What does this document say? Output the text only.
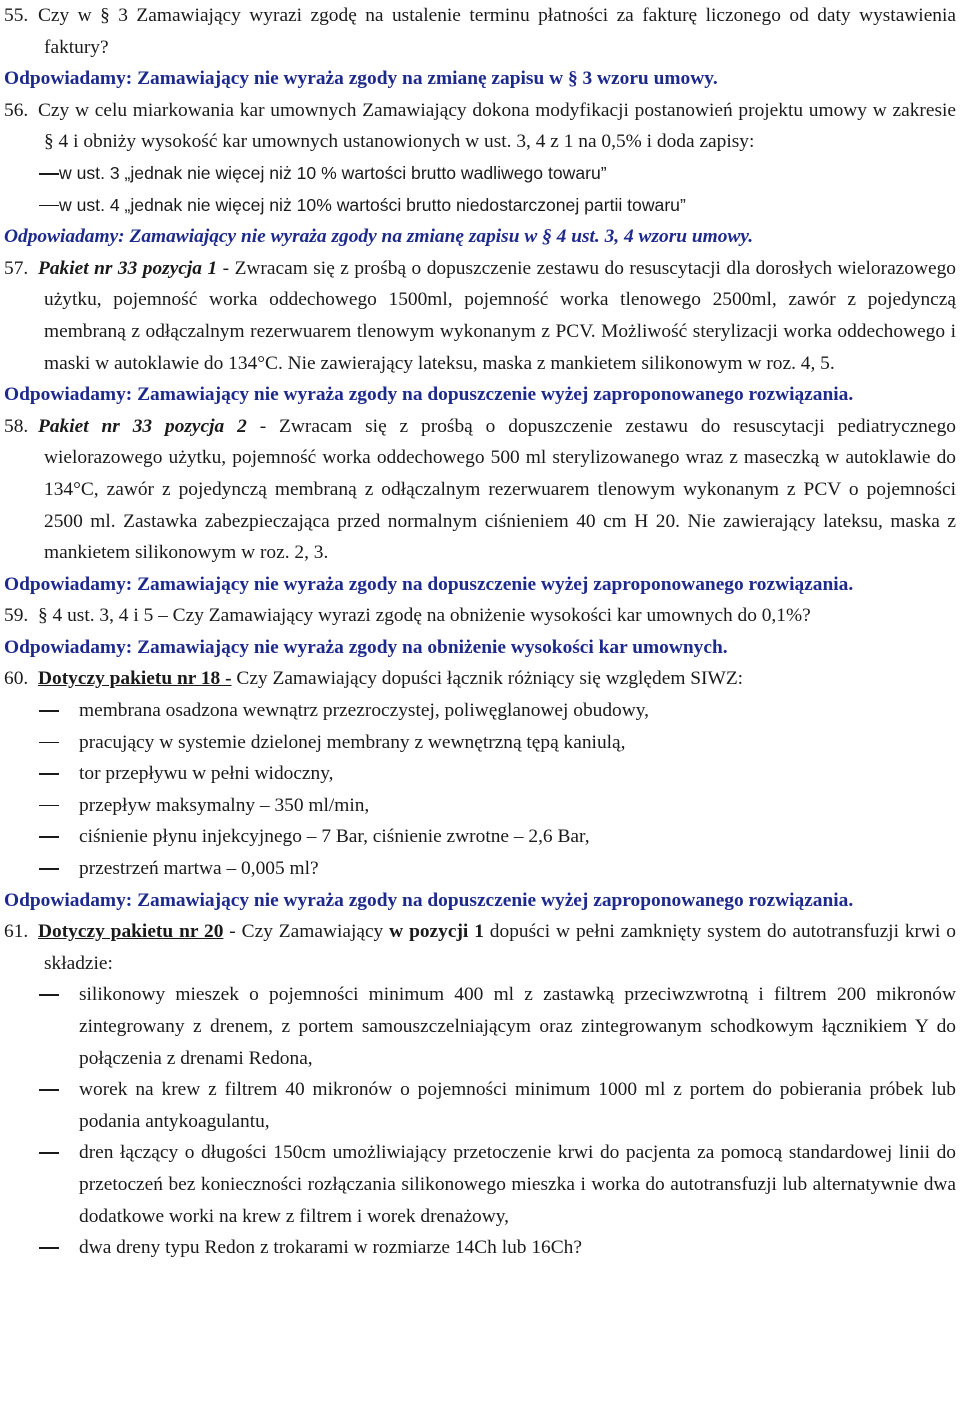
55. Czy w § 3 Zamawiający wyrazi zgodę na ustalenie terminu płatności za fakturę liczonego od daty wystawienia faktury?
Odpowiadamy: Zamawiający nie wyraża zgody na zmianę zapisu w § 3 wzoru umowy.
56. Czy w celu miarkowania kar umownych Zamawiający dokona modyfikacji postanowień projektu umowy w zakresie § 4 i obniży wysokość kar umownych ustanowionych w ust. 3, 4 z 1 na 0,5% i doda zapisy:
w ust. 3 „jednak nie więcej niż 10 % wartości brutto wadliwego towaru”
w ust. 4 „jednak nie więcej niż 10% wartości brutto niedostarczonej partii towaru”
Odpowiadamy: Zamawiający nie wyraża zgody na zmianę zapisu w § 4 ust. 3, 4 wzoru umowy.
57. Pakiet nr 33 pozycja 1 - Zwracam się z prośbą o dopuszczenie zestawu do resuscytacji dla dorosłych wielorazowego użytku, pojemność worka oddechowego 1500ml, pojemność worka tlenowego 2500ml, zawór z pojedynczą membraną z odłączalnym rezerwuarem tlenowym wykonanym z PCV. Możliwość sterylizacji worka oddechowego i maski w autoklawie do 134°C. Nie zawierający lateksu, maska z mankietem silikonowym w roz. 4, 5.
Odpowiadamy: Zamawiający nie wyraża zgody na dopuszczenie wyżej zaproponowanego rozwiązania.
58. Pakiet nr 33 pozycja 2 - Zwracam się z prośbą o dopuszczenie zestawu do resuscytacji pediatrycznego wielorazowego użytku, pojemność worka oddechowego 500 ml sterylizowanego wraz z maseczką w autoklawie do 134°C, zawór z pojedynczą membraną z odłączalnym rezerwuarem tlenowym wykonanym z PCV o pojemności 2500 ml. Zastawka zabezpieczająca przed normalnym ciśnieniem 40 cm H 20. Nie zawierający lateksu, maska z mankietem silikonowym w roz. 2, 3.
Odpowiadamy: Zamawiający nie wyraża zgody na dopuszczenie wyżej zaproponowanego rozwiązania.
59. § 4 ust. 3, 4 i 5 – Czy Zamawiający wyrazi zgodę na obniżenie wysokości kar umownych do 0,1%?
Odpowiadamy: Zamawiający nie wyraża zgody na obniżenie wysokości kar umownych.
60. Dotyczy pakietu nr 18 - Czy Zamawiający dopuści łącznik różniący się względem SIWZ:
membrana osadzona wewnątrz przezroczystej, poliwęglanowej obudowy,
pracujący w systemie dzielonej membrany z wewnętrzną tępą kaniulą,
tor przepływu w pełni widoczny,
przepływ maksymalny – 350 ml/min,
ciśnienie płynu injekcyjnego – 7 Bar, ciśnienie zwrotne – 2,6 Bar,
przestrzeń martwa – 0,005 ml?
Odpowiadamy: Zamawiający nie wyraża zgody na dopuszczenie wyżej zaproponowanego rozwiązania.
61. Dotyczy pakietu nr 20 - Czy Zamawiający w pozycji 1 dopuści w pełni zamknięty system do autotransfuzji krwi o składzie:
silikonowy mieszek o pojemności minimum 400 ml z zastawką przeciwzwrotną i filtrem 200 mikronów zintegrowany z drenem, z portem samouszczelniającym oraz zintegrowanym schodkowym łącznikiem Y do połączenia z drenami Redona,
worek na krew z filtrem 40 mikronów o pojemności minimum 1000 ml z portem do pobierania próbek lub podania antykoagulantu,
dren łączący o długości 150cm umożliwiający przetoczenie krwi do pacjenta za pomocą standardowej linii do przetoczeń bez konieczności rozłączania silikonowego mieszka i worka do autotransfuzji lub alternatywnie dwa dodatkowe worki na krew z filtrem i worek drenażowy,
dwa dreny typu Redon z trokarami w rozmiarze 14Ch lub 16Ch?
